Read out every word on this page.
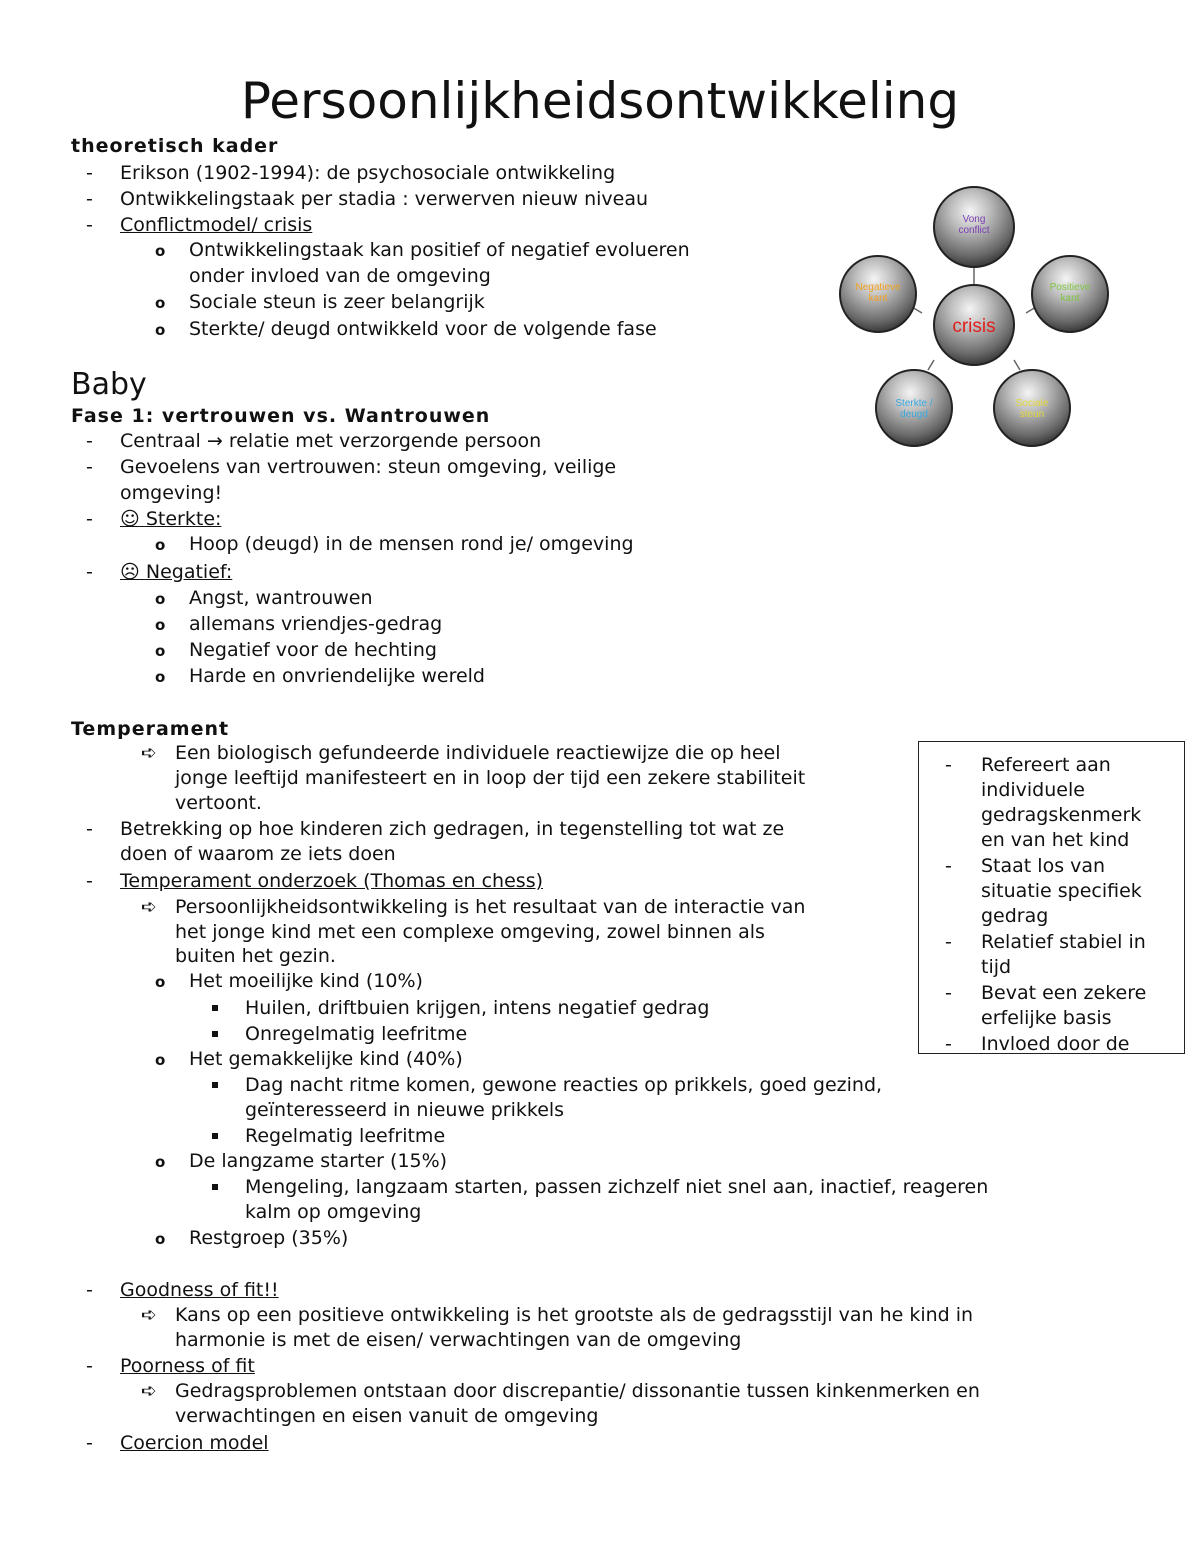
Persoonlijkheidsontwikkeling
theoretisch kader
- Erikson (1902-1994): de psychosociale ontwikkeling
- Ontwikkelingstaak per stadia : verwerven nieuw niveau
- Conflictmodel/ crisis
o Ontwikkelingstaak kan positief of negatief evolueren
onder invloed van de omgeving
o Sociale steun is zeer belangrijk
o Sterkte/ deugd ontwikkeld voor de volgende fase
Vong
conflict
Positieve
kant
Sociale
steun
Sterkte /
deugd
Negatieve
kant
crisis
Baby
Fase 1: vertrouwen vs. Wantrouwen
- Centraal → relatie met verzorgende persoon
- Gevoelens van vertrouwen: steun omgeving, veilige
omgeving!
- ☺ Sterkte:
o Hoop (deugd) in de mensen rond je/ omgeving
- ☹ Negatief:
o Angst, wantrouwen
o allemans vriendjes-gedrag
o Negatief voor de hechting
o Harde en onvriendelijke wereld
Temperament
➪ Een biologisch gefundeerde individuele reactiewijze die op heel
jonge leeftijd manifesteert en in loop der tijd een zekere stabiliteit
vertoont.
- Betrekking op hoe kinderen zich gedragen, in tegenstelling tot wat ze
doen of waarom ze iets doen
- Temperament onderzoek (Thomas en chess)
➪ Persoonlijkheidsontwikkeling is het resultaat van de interactie van
het jonge kind met een complexe omgeving, zowel binnen als
buiten het gezin.
o Het moeilijke kind (10%)
Huilen, driftbuien krijgen, intens negatief gedrag
Onregelmatig leefritme
o Het gemakkelijke kind (40%)
Dag nacht ritme komen, gewone reacties op prikkels, goed gezind,
geïnteresseerd in nieuwe prikkels
Regelmatig leefritme
o De langzame starter (15%)
Mengeling, langzaam starten, passen zichzelf niet snel aan, inactief, reageren
kalm op omgeving
o Restgroep (35%)
- Goodness of fit!!
➪ Kans op een positieve ontwikkeling is het grootste als de gedragsstijl van he kind in
harmonie is met de eisen/ verwachtingen van de omgeving
- Poorness of fit
➪ Gedragsproblemen ontstaan door discrepantie/ dissonantie tussen kinkenmerken en
verwachtingen en eisen vanuit de omgeving
- Coercion model
- Refereert aan
individuele
gedragskenmerk
en van het kind
- Staat los van
situatie specifiek
gedrag
- Relatief stabiel in
tijd
- Bevat een zekere
erfelijke basis
- Invloed door de
